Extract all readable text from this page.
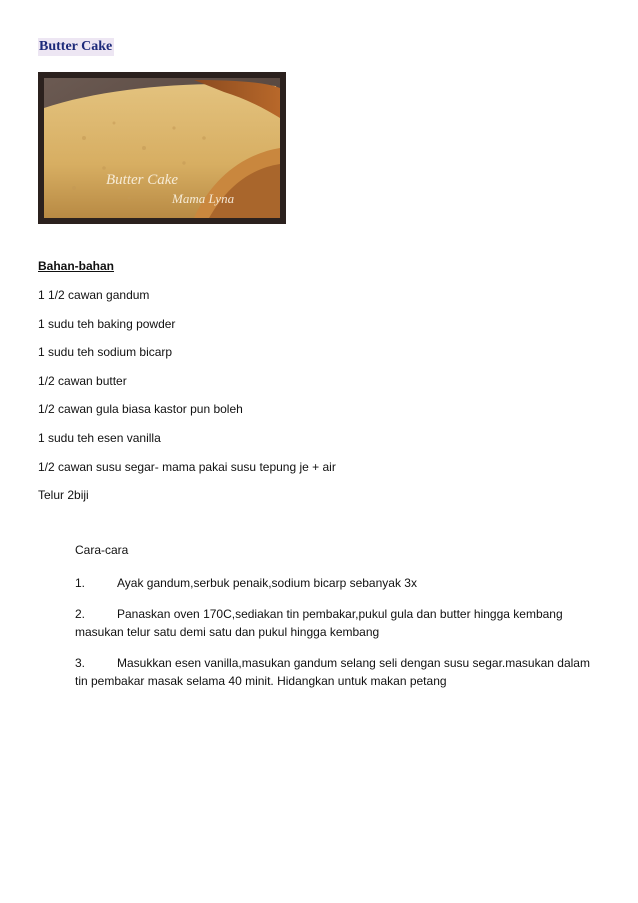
Butter Cake
Butter Cake
Mama Lyna
Bahan-bahan
1 1/2 cawan gandum
1 sudu teh baking powder
1 sudu teh sodium bicarp
1/2 cawan butter
1/2 cawan gula biasa kastor pun boleh
1 sudu teh esen vanilla
1/2 cawan susu segar- mama pakai susu tepung je + air
Telur 2biji
Cara-cara
1.	Ayak gandum,serbuk penaik,sodium bicarp sebanyak 3x
2.	Panaskan oven 170C,sediakan tin pembakar,pukul gula dan butter hingga kembang masukan telur satu demi satu dan pukul hingga kembang
3.	Masukkan esen vanilla,masukan gandum selang seli dengan susu segar.masukan dalam tin pembakar masak selama 40 minit. Hidangkan untuk makan petang
